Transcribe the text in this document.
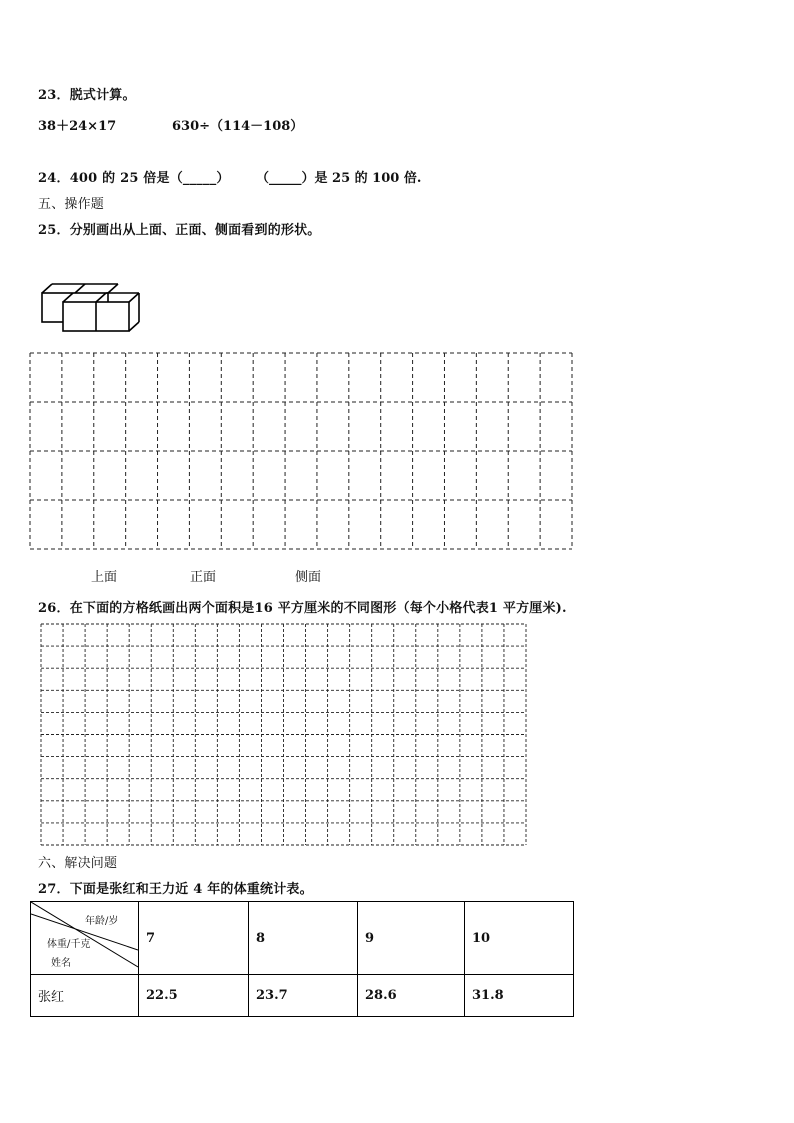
23．脱式计算。
38＋24×17	630÷（114－108）
24．400 的 25 倍是（_____） （_____）是 25 的 100 倍.
五、操作题
25．分别画出从上面、正面、侧面看到的形状。
上面	正面	侧面
26．在下面的方格纸画出两个面积是16 平方厘米的不同图形（每个小格代表1 平方厘米).
六、解决问题
27．下面是张红和王力近 4 年的体重统计表。
年龄/岁
体重/千克
姓名	7	8	9	10
张红	22.5	23.7	28.6	31.8
